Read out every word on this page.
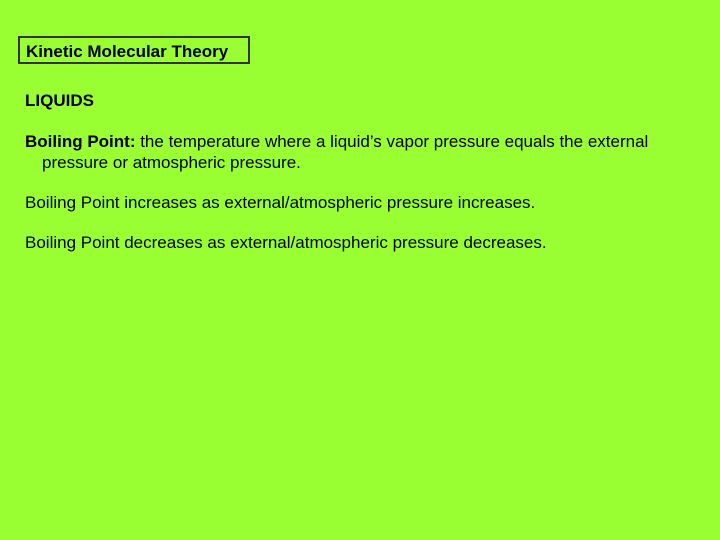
Kinetic Molecular Theory

LIQUIDS

Boiling Point: the temperature where a liquid’s vapor pressure equals the external pressure or atmospheric pressure.

Boiling Point increases as external/atmospheric pressure increases.

Boiling Point decreases as external/atmospheric pressure decreases.
